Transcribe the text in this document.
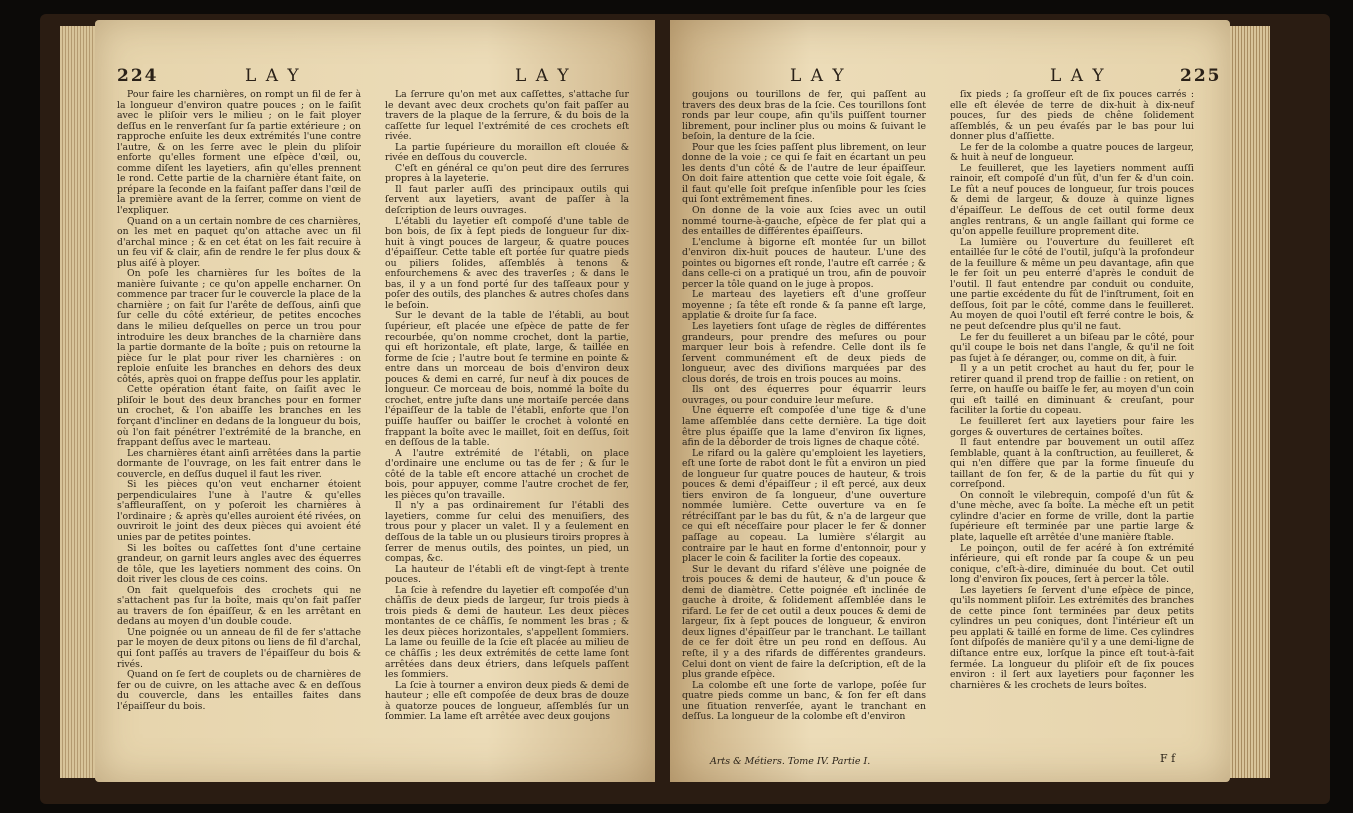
224	L A Y	L A Y

Pour faire les charnières, on rompt un fil de fer à la longueur d'environ quatre pouces ; on le faiſit avec le pliſoir vers le milieu ; on le fait ployer deſſus en le renverſant ſur ſa partie extérieure ; on rapproche enſuite les deux extrémités l'une contre l'autre, & on les ſerre avec le plein du pliſoir enforte qu'elles forment une eſpèce d'œil, ou, comme diſent les layetiers, afin qu'elles prennent le rond. Cette partie de la charnière étant faite, on prépare la ſeconde en la faiſant paſſer dans l'œil de la première avant de la ſerrer, comme on vient de l'expliquer.

Quand on a un certain nombre de ces charnières, on les met en paquet qu'on attache avec un fil d'archal mince ; & en cet état on les fait recuire à un feu vif & clair, afin de rendre le fer plus doux & plus aiſé à ployer.

On poſe les charnières ſur les boîtes de la manière ſuivante ; ce qu'on appelle encharner. On commence par tracer ſur le couvercle la place de la charnière ; on fait ſur l'arête de deſſous, ainſi que ſur celle du côté extérieur, de petites encoches dans le milieu deſquelles on perce un trou pour introduire les deux branches de la charnière dans la partie dormante de la boîte ; puis on retourne la pièce ſur le plat pour river les charnières : on reploie enſuite les branches en dehors des deux côtés, après quoi on frappe deſſus pour les applatir.

Cette opération étant faite, on ſaiſit avec le pliſoir le bout des deux branches pour en former un crochet, & l'on abaiſſe les branches en les forçant d'incliner en dedans de la longueur du bois, où l'on fait pénétrer l'extrémité de la branche, en frappant deſſus avec le marteau.

Les charnières étant ainſi arrêtées dans la partie dormante de l'ouvrage, on les fait entrer dans le couvercle, en deſſus duquel il faut les river.

Si les pièces qu'on veut encharner étoient perpendiculaires l'une à l'autre & qu'elles s'affleuraſſent, on y poſeroit les charnières à l'ordinaire ; & après qu'elles auroient été rivées, on ouvriroit le joint des deux pièces qui avoient été unies par de petites pointes.

Si les boîtes ou caſſettes ſont d'une certaine grandeur, on garnit leurs angles avec des équerres de tôle, que les layetiers nomment des coins. On doit river les clous de ces coins.

On fait quelquefois des crochets qui ne s'attachent pas ſur la boîte, mais qu'on fait paſſer au travers de ſon épaiſſeur, & en les arrêtant en dedans au moyen d'un double coude.

Une poignée ou un anneau de fil de fer s'attache par le moyen de deux pitons ou liens de fil d'archal, qui ſont paſſés au travers de l'épaiſſeur du bois & rivés.

Quand on ſe ſert de couplets ou de charnières de fer ou de cuivre, on les attache avec & en deſſous du couvercle, dans les entailles faites dans l'épaiſſeur du bois.

La ſerrure qu'on met aux caſſettes, s'attache ſur le devant avec deux crochets qu'on fait paſſer au travers de la plaque de la ſerrure, & du bois de la caſſette ſur lequel l'extrémité de ces crochets eſt rivée.

La partie ſupérieure du moraillon eſt clouée & rivée en deſſous du couvercle.

C'eſt en général ce qu'on peut dire des ſerrures propres à la layeterie.

Il faut parler auſſi des principaux outils qui ſervent aux layetiers, avant de paſſer à la deſcription de leurs ouvrages.

L'établi du layetier eſt compoſé d'une table de bon bois, de ſix à ſept pieds de longueur ſur dix-huit à vingt pouces de largeur, & quatre pouces d'épaiſſeur. Cette table eſt portée ſur quatre pieds ou piliers ſolides, aſſemblés à tenons & enfourchemens & avec des traverſes ; & dans le bas, il y a un fond porté ſur des taſſeaux pour y poſer des outils, des planches & autres choſes dans le beſoin.

Sur le devant de la table de l'établi, au bout ſupérieur, eſt placée une eſpèce de patte de fer recourbée, qu'on nomme crochet, dont la partie, qui eſt horizontale, eſt plate, large, & taillée en forme de ſcie ; l'autre bout ſe termine en pointe & entre dans un morceau de bois d'environ deux pouces & demi en carré, ſur neuf à dix pouces de longueur. Ce morceau de bois, nommé la boîte du crochet, entre juſte dans une mortaiſe percée dans l'épaiſſeur de la table de l'établi, enforte que l'on puiſſe hauſſer ou baiſſer le crochet à volonté en frappant la boîte avec le maillet, ſoit en deſſus, ſoit en deſſous de la table.

A l'autre extrémité de l'établi, on place d'ordinaire une enclume ou tas de fer ; & ſur le côté de la table eſt encore attaché un crochet de bois, pour appuyer, comme l'autre crochet de fer, les pièces qu'on travaille.

Il n'y a pas ordinairement ſur l'établi des layetiers, comme ſur celui des menuiſiers, des trous pour y placer un valet. Il y a ſeulement en deſſous de la table un ou plusieurs tiroirs propres à ſerrer de menus outils, des pointes, un pied, un compas, &c.

La hauteur de l'établi eſt de vingt-ſept à trente pouces.

La ſcie à refendre du layetier eſt compoſée d'un châſſis de deux pieds de largeur, ſur trois pieds à trois pieds & demi de hauteur. Les deux pièces montantes de ce châſſis, ſe nomment les bras ; & les deux pièces horizontales, s'appellent ſommiers. La lame ou feuille de la ſcie eſt placée au milieu de ce châſſis ; les deux extrémités de cette lame ſont arrêtées dans deux étriers, dans leſquels paſſent les ſommiers.

La ſcie à tourner a environ deux pieds & demi de hauteur ; elle eſt compoſée de deux bras de douze à quatorze pouces de longueur, aſſemblés ſur un ſommier. La lame eſt arrêtée avec deux goujons

L A Y	L A Y	225

goujons ou tourillons de fer, qui paſſent au travers des deux bras de la ſcie. Ces tourillons ſont ronds par leur coupe, afin qu'ils puiſſent tourner librement, pour incliner plus ou moins & ſuivant le beſoin, la denture de la ſcie.

Pour que les ſcies paſſent plus librement, on leur donne de la voie ; ce qui ſe fait en écartant un peu les dents d'un côté & de l'autre de leur épaiſſeur. On doit faire attention que cette voie ſoit égale, & il faut qu'elle ſoit preſque inſenſible pour les ſcies qui ſont extrêmement fines.

On donne de la voie aux ſcies avec un outil nommé tourne-à-gauche, eſpèce de fer plat qui a des entailles de différentes épaiſſeurs.

L'enclume à bigorne eſt montée ſur un billot d'environ dix-huit pouces de hauteur. L'une des pointes ou bigornes eſt ronde, l'autre eſt carrée ; & dans celle-ci on a pratiqué un trou, afin de pouvoir percer la tôle quand on le juge à propos.

Le marteau des layetiers eſt d'une groſſeur moyenne ; ſa tête eſt ronde & ſa panne eſt large, applatie & droite ſur ſa face.

Les layetiers ſont uſage de règles de différentes grandeurs, pour prendre des meſures ou pour marquer leur bois à refendre. Celle dont ils ſe ſervent communément eſt de deux pieds de longueur, avec des diviſions marquées par des clous dorés, de trois en trois pouces au moins.

Ils ont des équerres pour équarrir leurs ouvrages, ou pour conduire leur meſure.

Une équerre eſt compoſée d'une tige & d'une lame aſſemblée dans cette dernière. La tige doit être plus épaiſſe que la lame d'environ ſix lignes, afin de la déborder de trois lignes de chaque côté.

Le rifard ou la galère qu'emploient les layetiers, eſt une ſorte de rabot dont le fût a environ un pied de longueur ſur quatre pouces de hauteur, & trois pouces & demi d'épaiſſeur ; il eſt percé, aux deux tiers environ de ſa longueur, d'une ouverture nommée lumière. Cette ouverture va en ſe rétréciſſant par le bas du fût, & n'a de largeur que ce qui eſt néceſſaire pour placer le fer & donner paſſage au copeau. La lumière s'élargit au contraire par le haut en forme d'entonnoir, pour y placer le coin & faciliter la ſortie des copeaux.

Sur le devant du rifard s'élève une poignée de trois pouces & demi de hauteur, & d'un pouce & demi de diamètre. Cette poignée eſt inclinée de gauche à droite, & ſolidement aſſemblée dans le rifard. Le fer de cet outil a deux pouces & demi de largeur, ſix à ſept pouces de longueur, & environ deux lignes d'épaiſſeur par le tranchant. Le taillant de ce fer doit être un peu rond en deſſous. Au reſte, il y a des rifards de différentes grandeurs. Celui dont on vient de faire la deſcription, eſt de la plus grande eſpèce.

La colombe eſt une ſorte de varlope, poſée ſur quatre pieds comme un banc, & ſon fer eſt dans une ſituation renverſée, ayant le tranchant en deſſus. La longueur de la colombe eſt d'environ

ſix pieds ; ſa groſſeur eſt de ſix pouces carrés : elle eſt élevée de terre de dix-huit à dix-neuf pouces, ſur des pieds de chêne ſolidement aſſemblés, & un peu évaſés par le bas pour lui donner plus d'aſſiette.

Le fer de la colombe a quatre pouces de largeur, & huit à neuf de longueur.

Le feuilleret, que les layetiers nomment auſſi rainoir, eſt compoſé d'un fût, d'un fer & d'un coin. Le fût a neuf pouces de longueur, ſur trois pouces & demi de largeur, & douze à quinze lignes d'épaiſſeur. Le deſſous de cet outil forme deux angles rentrans, & un angle ſaillant qui forme ce qu'on appelle feuillure proprement dite.

La lumière ou l'ouverture du feuilleret eſt entaillée ſur le côté de l'outil, juſqu'à la profondeur de la feuillure & même un peu davantage, afin que le fer ſoit un peu enterré d'après le conduit de l'outil. Il faut entendre par conduit ou conduite, une partie excédente du fût de l'inſtrument, ſoit en deſſous, ſoit par le côté, comme dans le feuilleret. Au moyen de quoi l'outil eſt ferré contre le bois, & ne peut deſcendre plus qu'il ne faut.

Le fer du feuilleret a un biſeau par le côté, pour qu'il coupe le bois net dans l'angle, & qu'il ne ſoit pas ſujet à ſe déranger, ou, comme on dit, à fuir.

Il y a un petit crochet au haut du fer, pour le retirer quand il prend trop de faillie : on retient, on ſerre, on hauſſe ou baiſſe le fer, au moyen d'un coin qui eſt taillé en diminuant & creuſant, pour faciliter la ſortie du copeau.

Le feuilleret ſert aux layetiers pour faire les gorges & ouvertures de certaines boîtes.

Il faut entendre par bouvement un outil aſſez ſemblable, quant à la conſtruction, au feuilleret, & qui n'en diffère que par la forme ſinueuſe du taillant de ſon fer, & de la partie du fût qui y correſpond.

On connoît le vilebrequin, compoſé d'un fût & d'une mèche, avec ſa boîte. La mèche eſt un petit cylindre d'acier en forme de vrille, dont la partie ſupérieure eſt terminée par une partie large & plate, laquelle eſt arrêtée d'une manière ſtable.

Le poinçon, outil de fer acéré à ſon extrémité inférieure, qui eſt ronde par ſa coupe & un peu conique, c'eſt-à-dire, diminuée du bout. Cet outil long d'environ ſix pouces, ſert à percer la tôle.

Les layetiers ſe ſervent d'une eſpèce de pince, qu'ils nomment pliſoir. Les extrémités des branches de cette pince ſont terminées par deux petits cylindres un peu coniques, dont l'intérieur eſt un peu applati & taillé en forme de lime. Ces cylindres ſont diſpoſés de manière qu'il y a une demi-ligne de diſtance entre eux, lorſque la pince eſt tout-à-fait fermée. La longueur du pliſoir eſt de ſix pouces environ : il ſert aux layetiers pour façonner les charnières & les crochets de leurs boîtes.

Arts & Métiers. Tome IV. Partie I.	F f
